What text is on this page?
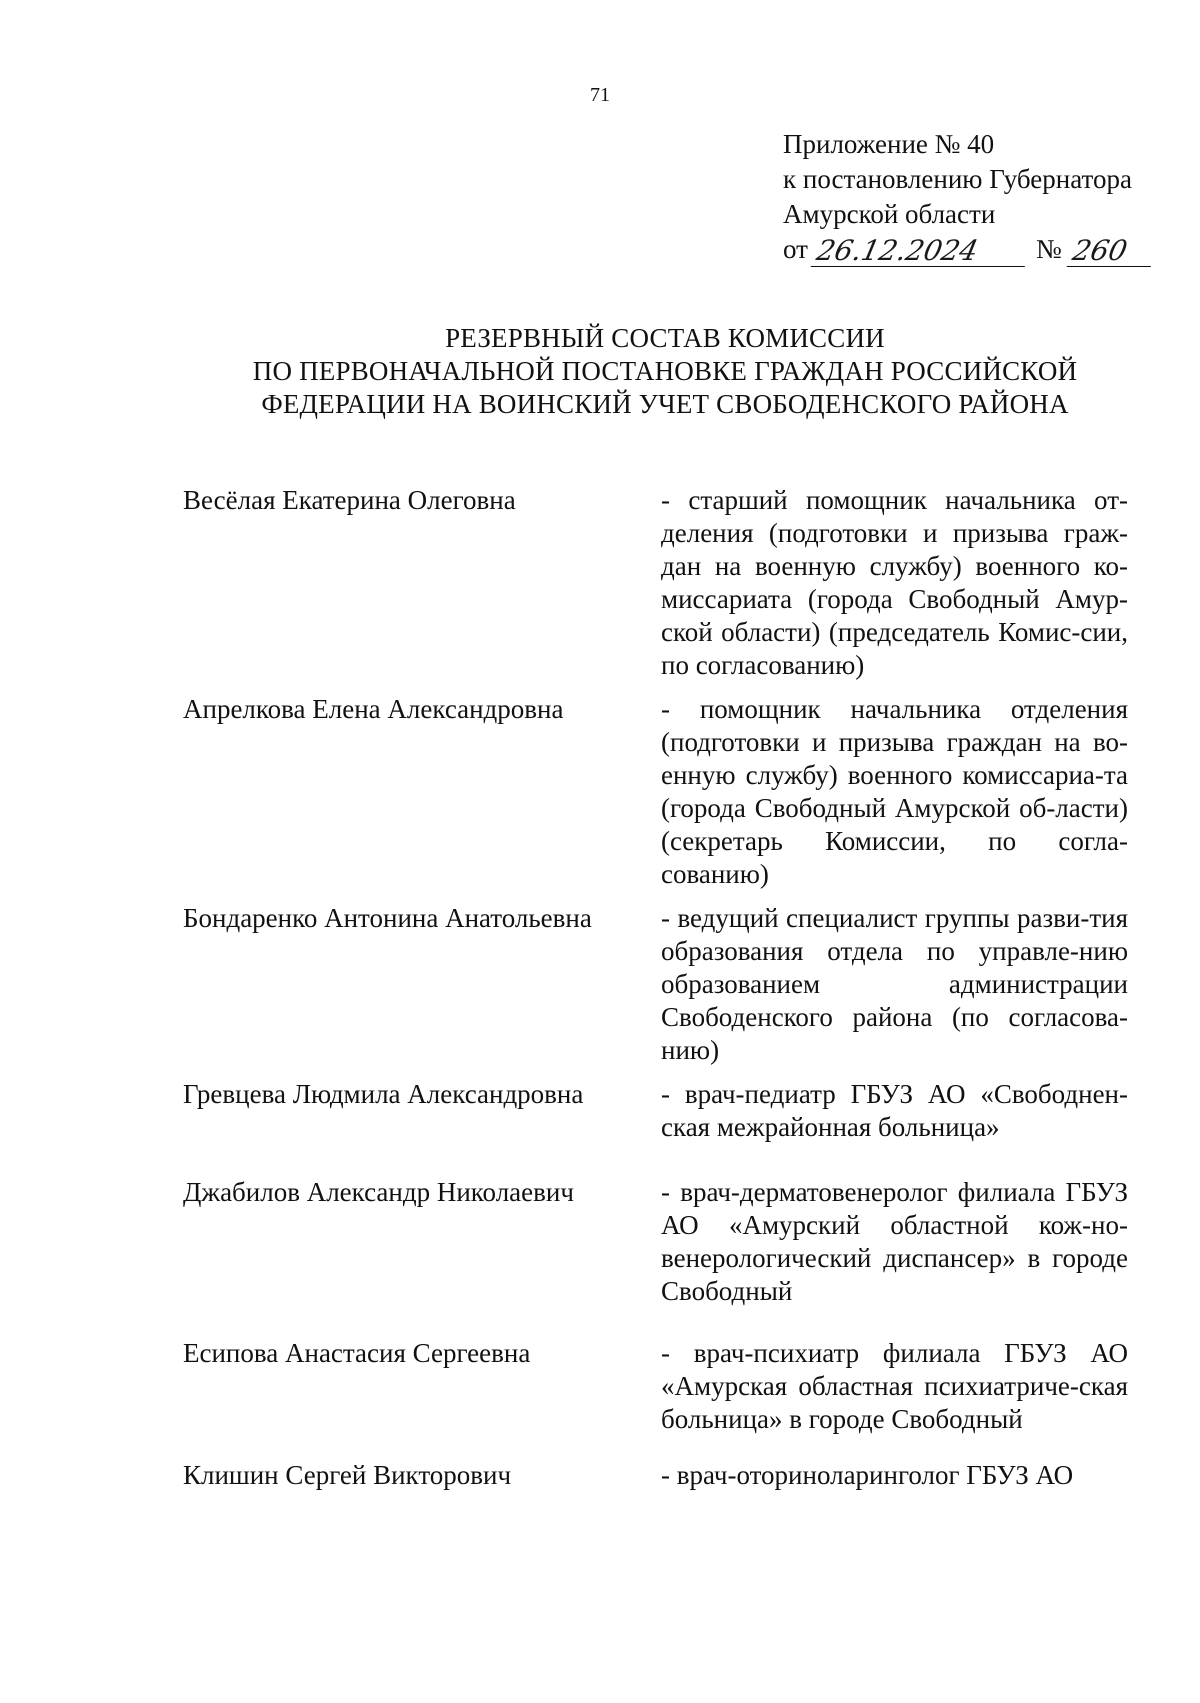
71
Приложение № 40
к постановлению Губернатора
Амурской области
от 26.12.2024	№ 260
РЕЗЕРВНЫЙ СОСТАВ КОМИССИИ
ПО ПЕРВОНАЧАЛЬНОЙ ПОСТАНОВКЕ ГРАЖДАН РОССИЙСКОЙ
ФЕДЕРАЦИИ НА ВОИНСКИЙ УЧЕТ СВОБОДЕНСКОГО РАЙОНА
Весёлая Екатерина Олеговна	- старший помощник начальника от-деления (подготовки и призыва граж-дан на военную службу) военного ко-миссариата (города Свободный Амур-ской области) (председатель Комис-сии, по согласованию)
Апрелкова Елена Александровна	- помощник начальника отделения (подготовки и призыва граждан на во-енную службу) военного комиссариа-та (города Свободный Амурской об-ласти) (секретарь Комиссии, по согла-сованию)
Бондаренко Антонина Анатольевна	- ведущий специалист группы разви-тия образования отдела по управле-нию образованием администрации Свободенского района (по согласова-нию)
Гревцева Людмила Александровна	- врач-педиатр ГБУЗ АО «Свободнен-ская межрайонная больница»
Джабилов Александр Николаевич	- врач-дерматовенеролог филиала ГБУЗ АО «Амурский областной кож-но-венерологический диспансер» в городе Свободный
Есипова Анастасия Сергеевна	- врач-психиатр филиала ГБУЗ АО «Амурская областная психиатриче-ская больница» в городе Свободный
Клишин Сергей Викторович	- врач-оториноларинголог ГБУЗ АО
